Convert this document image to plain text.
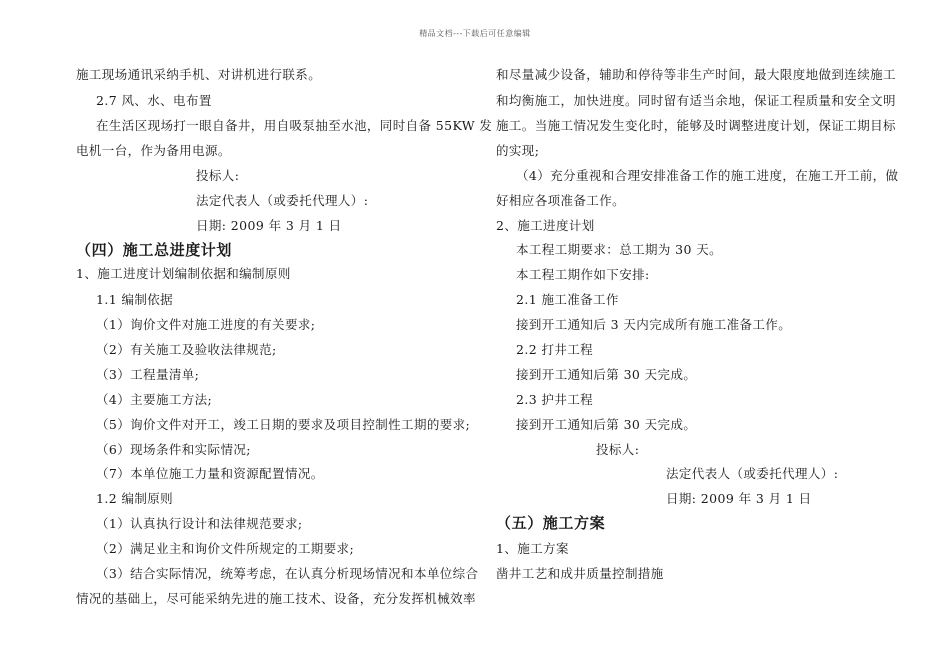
精品文档---下载后可任意编辑
施工现场通讯采纳手机、对讲机进行联系。
2.7 风、水、电布置
在生活区现场打一眼自备井，用自吸泵抽至水池，同时自备 55KW 发
电机一台，作为备用电源。
投标人:
法定代表人（或委托代理人）:
日期: 2009 年 3 月 1 日
（四）施工总进度计划
1、施工进度计划编制依据和编制原则
1.1 编制依据
（1）询价文件对施工进度的有关要求;
（2）有关施工及验收法律规范;
（3）工程量清单;
（4）主要施工方法;
（5）询价文件对开工，竣工日期的要求及项目控制性工期的要求;
（6）现场条件和实际情况;
（7）本单位施工力量和资源配置情况。
1.2 编制原则
（1）认真执行设计和法律规范要求;
（2）满足业主和询价文件所规定的工期要求;
（3）结合实际情况，统筹考虑，在认真分析现场情况和本单位综合
情况的基础上，尽可能采纳先进的施工技术、设备，充分发挥机械效率
和尽量减少设备，辅助和停待等非生产时间，最大限度地做到连续施工
和均衡施工，加快进度。同时留有适当余地，保证工程质量和安全文明
施工。当施工情况发生变化时，能够及时调整进度计划，保证工期目标
的实现;
（4）充分重视和合理安排准备工作的施工进度，在施工开工前，做
好相应各项准备工作。
2、施工进度计划
本工程工期要求：总工期为 30 天。
本工程工期作如下安排:
2.1 施工准备工作
接到开工通知后 3 天内完成所有施工准备工作。
2.2 打井工程
接到开工通知后第 30 天完成。
2.3 护井工程
接到开工通知后第 30 天完成。
投标人:
法定代表人（或委托代理人）:
日期: 2009 年 3 月 1 日
（五）施工方案
1、施工方案
凿井工艺和成井质量控制措施
